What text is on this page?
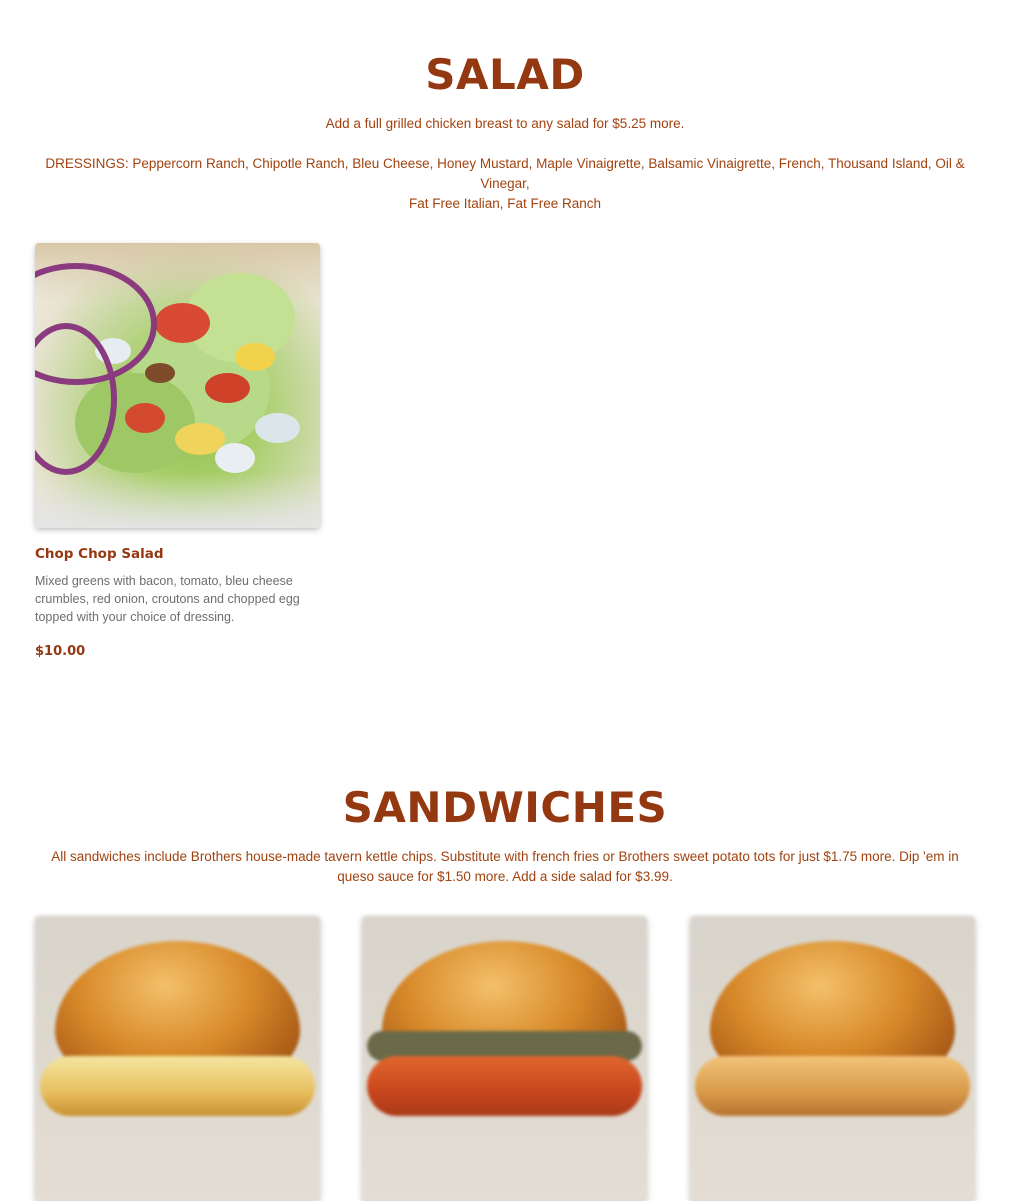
SALAD

Add a full grilled chicken breast to any salad for $5.25 more.

DRESSINGS: Peppercorn Ranch, Chipotle Ranch, Bleu Cheese, Honey Mustard, Maple Vinaigrette, Balsamic Vinaigrette, French, Thousand Island, Oil & Vinegar,
Fat Free Italian, Fat Free Ranch
Chop Chop Salad
Mixed greens with bacon, tomato, bleu cheese crumbles, red onion, croutons and chopped egg topped with your choice of dressing.
$10.00
SANDWICHES

All sandwiches include Brothers house-made tavern kettle chips. Substitute with french fries or Brothers sweet potato tots for just $1.75 more. Dip 'em in queso sauce for $1.50 more. Add a side salad for $3.99.
